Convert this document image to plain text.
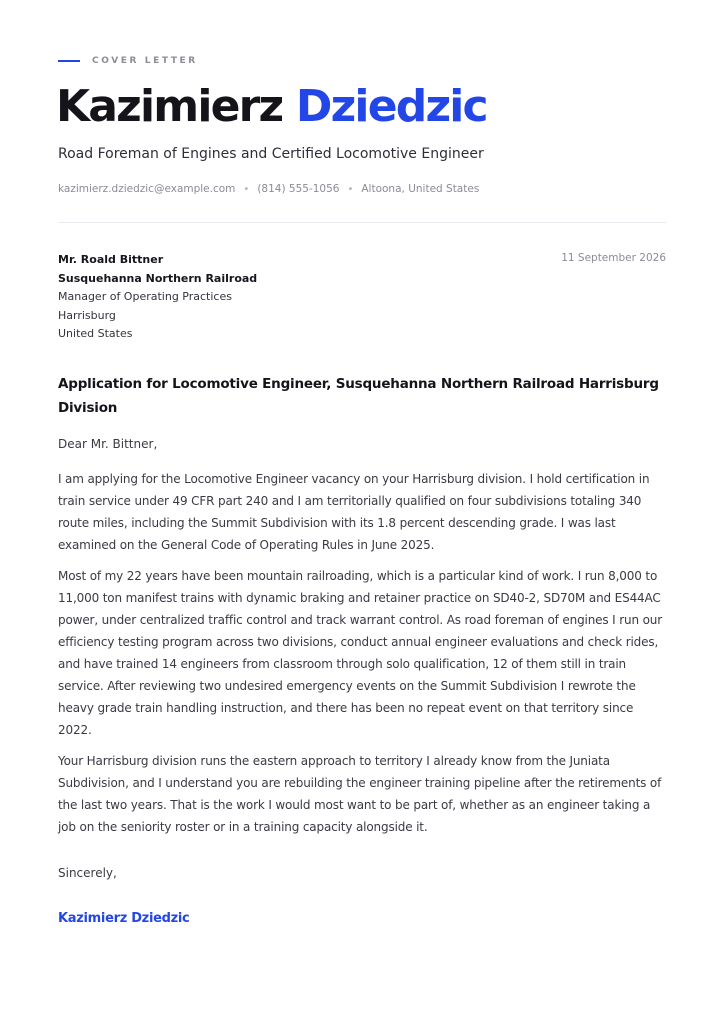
COVER LETTER
Kazimierz Dziedzic
Road Foreman of Engines and Certified Locomotive Engineer
kazimierz.dziedzic@example.com • (814) 555-1056 • Altoona, United States
Mr. Roald Bittner
Susquehanna Northern Railroad
Manager of Operating Practices
Harrisburg
United States
11 September 2026
Application for Locomotive Engineer, Susquehanna Northern Railroad Harrisburg Division
Dear Mr. Bittner,

I am applying for the Locomotive Engineer vacancy on your Harrisburg division. I hold certification in train service under 49 CFR part 240 and I am territorially qualified on four subdivisions totaling 340 route miles, including the Summit Subdivision with its 1.8 percent descending grade. I was last examined on the General Code of Operating Rules in June 2025.

Most of my 22 years have been mountain railroading, which is a particular kind of work. I run 8,000 to 11,000 ton manifest trains with dynamic braking and retainer practice on SD40-2, SD70M and ES44AC power, under centralized traffic control and track warrant control. As road foreman of engines I run our efficiency testing program across two divisions, conduct annual engineer evaluations and check rides, and have trained 14 engineers from classroom through solo qualification, 12 of them still in train service. After reviewing two undesired emergency events on the Summit Subdivision I rewrote the heavy grade train handling instruction, and there has been no repeat event on that territory since 2022.

Your Harrisburg division runs the eastern approach to territory I already know from the Juniata Subdivision, and I understand you are rebuilding the engineer training pipeline after the retirements of the last two years. That is the work I would most want to be part of, whether as an engineer taking a job on the seniority roster or in a training capacity alongside it.

Sincerely,
Kazimierz Dziedzic
